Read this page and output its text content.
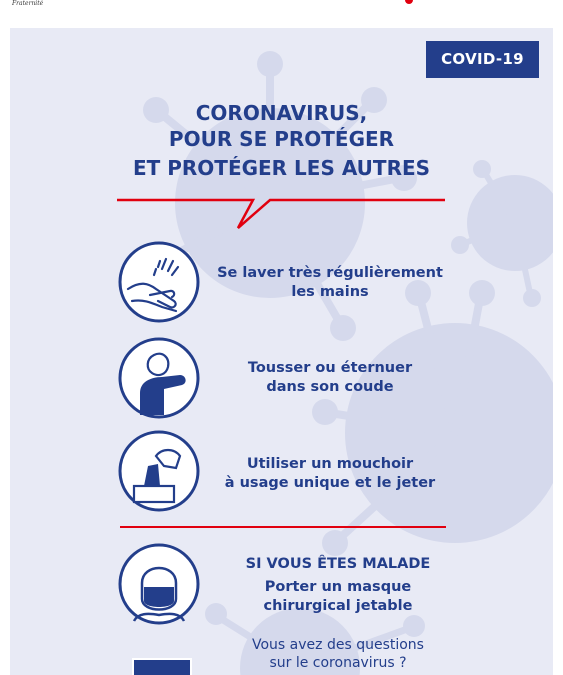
Fraternité
COVID-19
CORONAVIRUS,
POUR SE PROTÉGER
ET PROTÉGER LES AUTRES
Se laver très régulièrement
les mains
Tousser ou éternuer
dans son coude
Utiliser un mouchoir
à usage unique et le jeter
SI VOUS ÊTES MALADE
Porter un masque
chirurgical jetable
Vous avez des questions
sur le coronavirus ?
